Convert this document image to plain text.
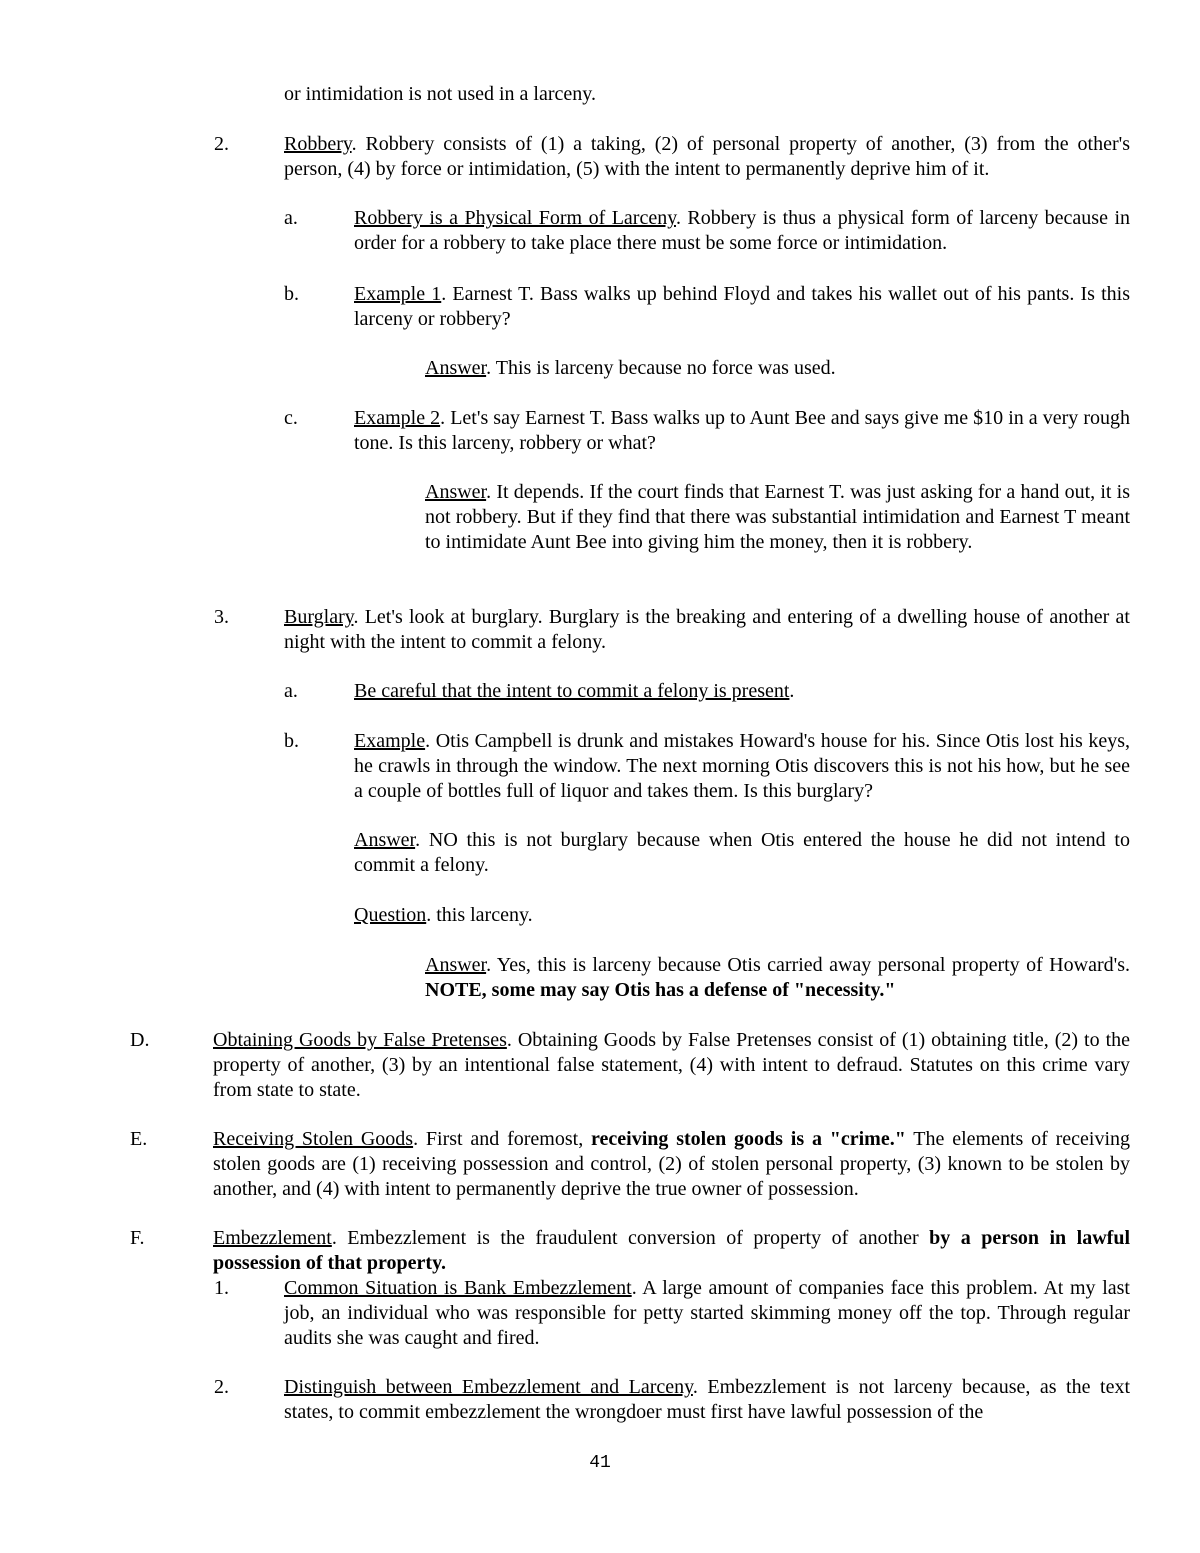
or intimidation is not used in a larceny.
2.	Robbery. Robbery consists of (1) a taking, (2) of personal property of another, (3) from the other's person, (4) by force or intimidation, (5) with the intent to permanently deprive him of it.
a.	Robbery is a Physical Form of Larceny. Robbery is thus a physical form of larceny because in order for a robbery to take place there must be some force or intimidation.
b.	Example 1. Earnest T. Bass walks up behind Floyd and takes his wallet out of his pants. Is this larceny or robbery?
Answer. This is larceny because no force was used.
c.	Example 2. Let's say Earnest T. Bass walks up to Aunt Bee and says give me $10 in a very rough tone. Is this larceny, robbery or what?
Answer. It depends. If the court finds that Earnest T. was just asking for a hand out, it is not robbery. But if they find that there was substantial intimidation and Earnest T meant to intimidate Aunt Bee into giving him the money, then it is robbery.
3.	Burglary. Let's look at burglary. Burglary is the breaking and entering of a dwelling house of another at night with the intent to commit a felony.
a.	Be careful that the intent to commit a felony is present.
b.	Example. Otis Campbell is drunk and mistakes Howard's house for his. Since Otis lost his keys, he crawls in through the window. The next morning Otis discovers this is not his how, but he see a couple of bottles full of liquor and takes them. Is this burglary?
Answer. NO this is not burglary because when Otis entered the house he did not intend to commit a felony.
Question. this larceny.
Answer. Yes, this is larceny because Otis carried away personal property of Howard's. NOTE, some may say Otis has a defense of "necessity."
D.	Obtaining Goods by False Pretenses. Obtaining Goods by False Pretenses consist of (1) obtaining title, (2) to the property of another, (3) by an intentional false statement, (4) with intent to defraud. Statutes on this crime vary from state to state.
E.	Receiving Stolen Goods. First and foremost, receiving stolen goods is a "crime." The elements of receiving stolen goods are (1) receiving possession and control, (2) of stolen personal property, (3) known to be stolen by another, and (4) with intent to permanently deprive the true owner of possession.
F.	Embezzlement. Embezzlement is the fraudulent conversion of property of another by a person in lawful possession of that property.
1.	Common Situation is Bank Embezzlement. A large amount of companies face this problem. At my last job, an individual who was responsible for petty started skimming money off the top. Through regular audits she was caught and fired.
2.	Distinguish between Embezzlement and Larceny. Embezzlement is not larceny because, as the text states, to commit embezzlement the wrongdoer must first have lawful possession of the
41
